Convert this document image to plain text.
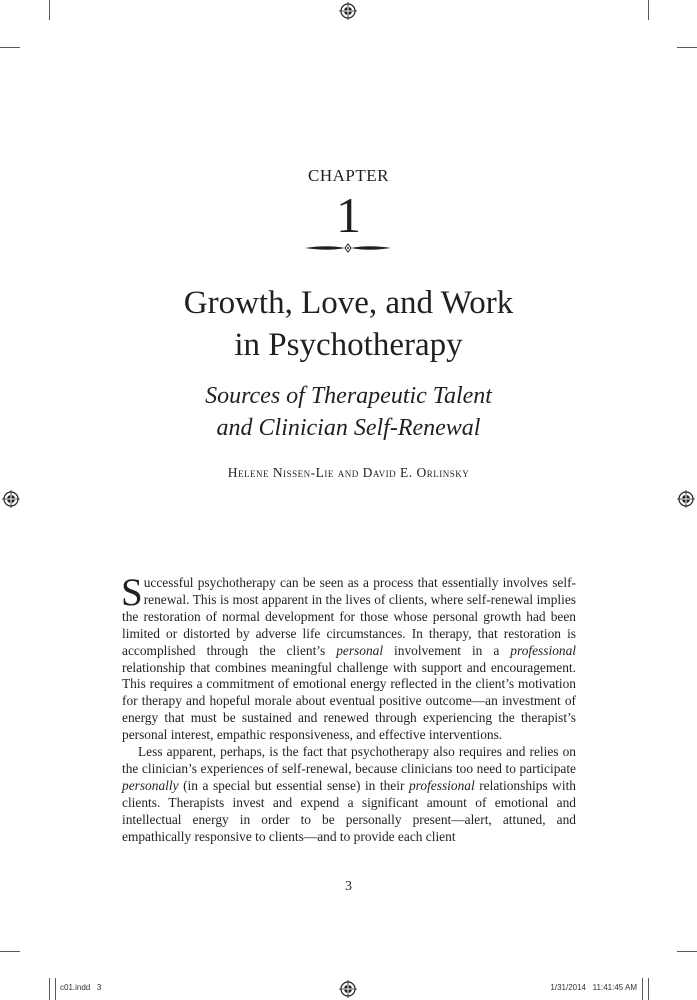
CHAPTER
1
Growth, Love, and Work
in Psychotherapy
Sources of Therapeutic Talent
and Clinician Self-Renewal
Helene Nissen-Lie and David E. Orlinsky

Successful psychotherapy can be seen as a process that essentially involves self-renewal. This is most apparent in the lives of clients, where self-renewal implies the restoration of normal development for those whose personal growth had been limited or distorted by adverse life circumstances. In therapy, that restoration is accomplished through the client’s personal involvement in a professional relationship that combines meaningful challenge with support and encouragement. This requires a commitment of emotional energy reflected in the client’s motivation for therapy and hopeful morale about eventual positive outcome—an investment of energy that must be sustained and renewed through experiencing the therapist’s personal interest, empathic responsiveness, and effective interventions.

Less apparent, perhaps, is the fact that psychotherapy also requires and relies on the clinician’s experiences of self-renewal, because clinicians too need to participate personally (in a special but essential sense) in their professional relationships with clients. Therapists invest and expend a significant amount of emotional and intellectual energy in order to be personally present—alert, attuned, and empathically responsive to clients—and to provide each client

3
c01.indd   3	1/31/2014   11:41:45 AM
